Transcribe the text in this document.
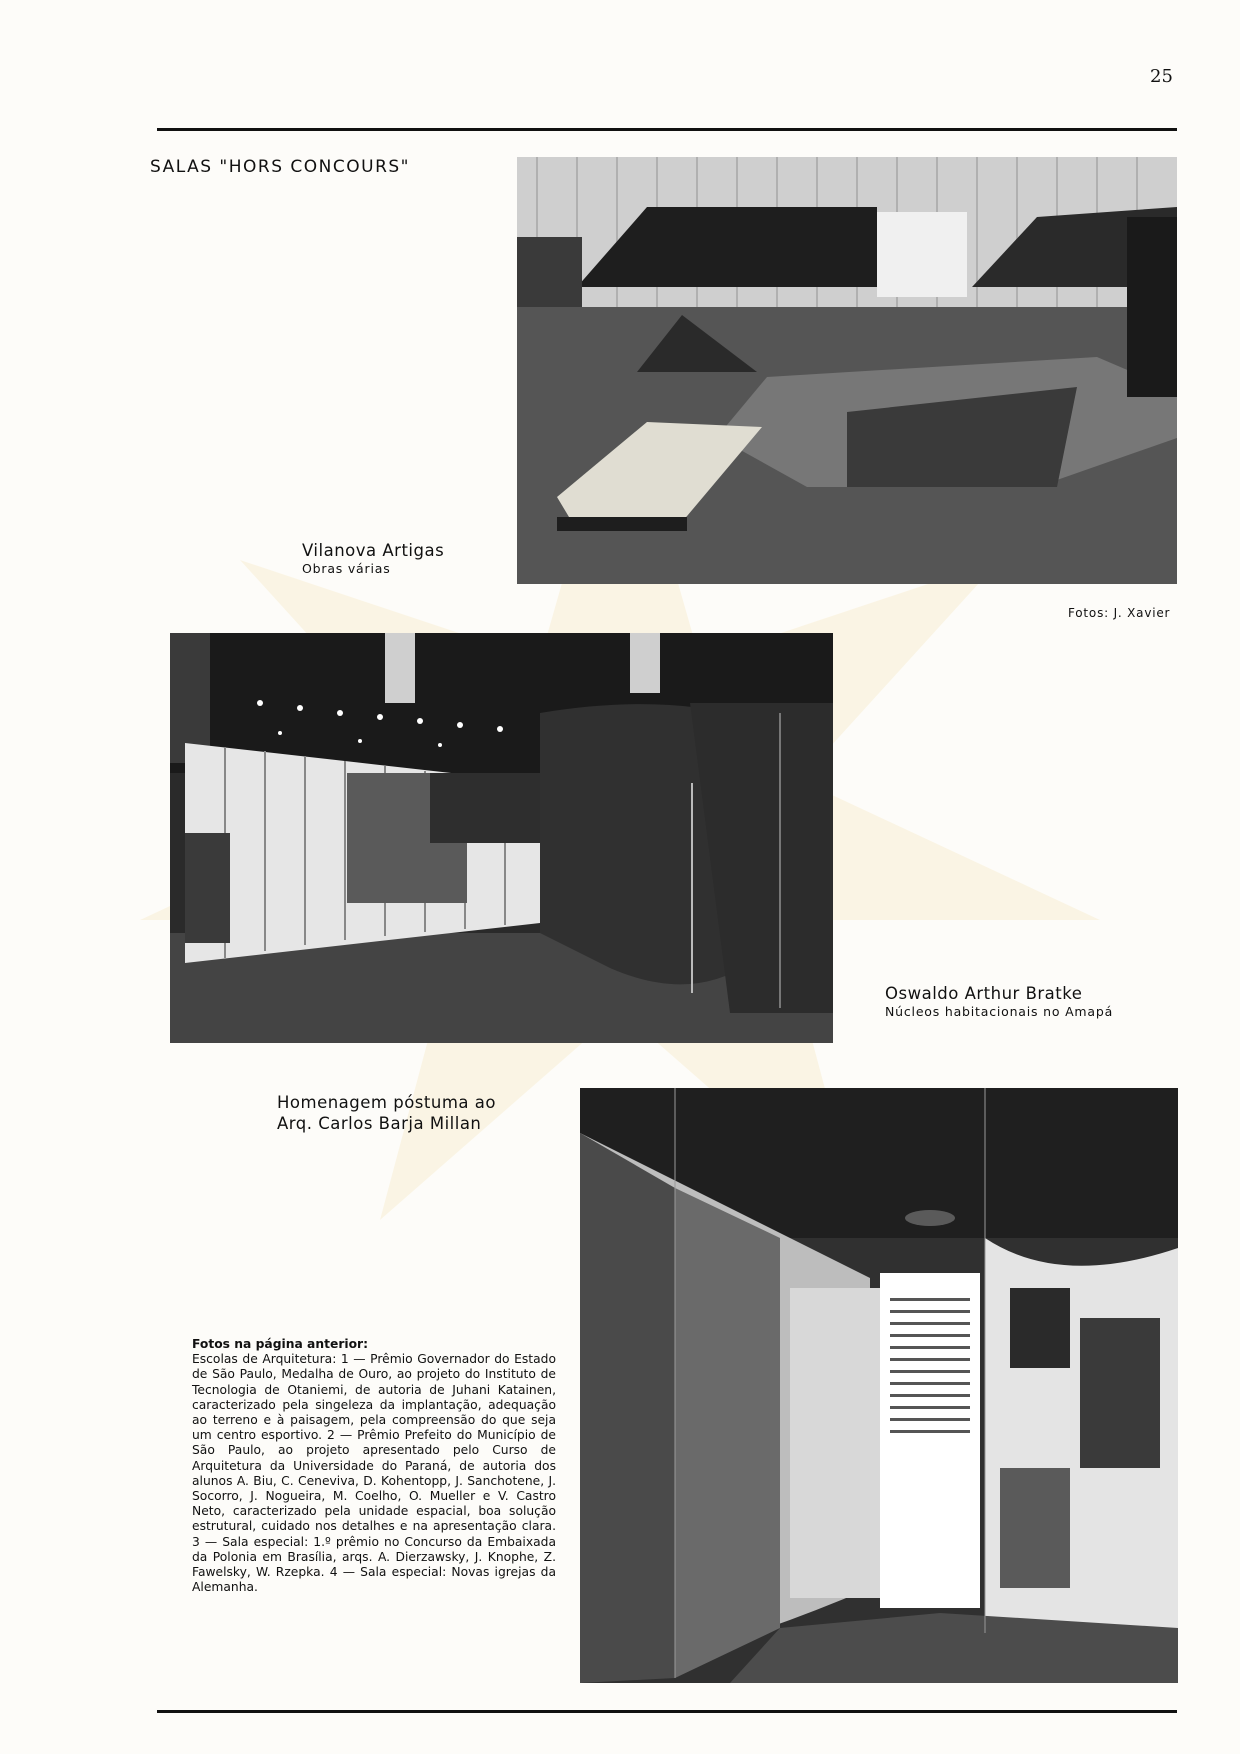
25
SALAS "HORS CONCOURS"
Vilanova Artigas
Obras várias
Fotos: J. Xavier
Oswaldo Arthur Bratke
Núcleos habitacionais no Amapá
Homenagem póstuma ao
Arq. Carlos Barja Millan
Fotos na página anterior:
Escolas de Arquitetura: 1 — Prêmio Governador do Estado de São Paulo, Medalha de Ouro, ao projeto do Instituto de Tecnologia de Otaniemi, de autoria de Juhani Katainen, caracterizado pela singeleza da implantação, adequação ao terreno e à paisagem, pela compreensão do que seja um centro esportivo. 2 — Prêmio Prefeito do Município de São Paulo, ao projeto apresentado pelo Curso de Arquitetura da Universidade do Paraná, de autoria dos alunos A. Biu, C. Ceneviva, D. Kohentopp, J. Sanchotene, J. Socorro, J. Nogueira, M. Coelho, O. Mueller e V. Castro Neto, caracterizado pela unidade espacial, boa solução estrutural, cuidado nos detalhes e na apresentação clara. 3 — Sala especial: 1.º prêmio no Concurso da Embaixada da Polonia em Brasília, arqs. A. Dierzawsky, J. Knophe, Z. Fawelsky, W. Rzepka. 4 — Sala especial: Novas igrejas da Alemanha.
